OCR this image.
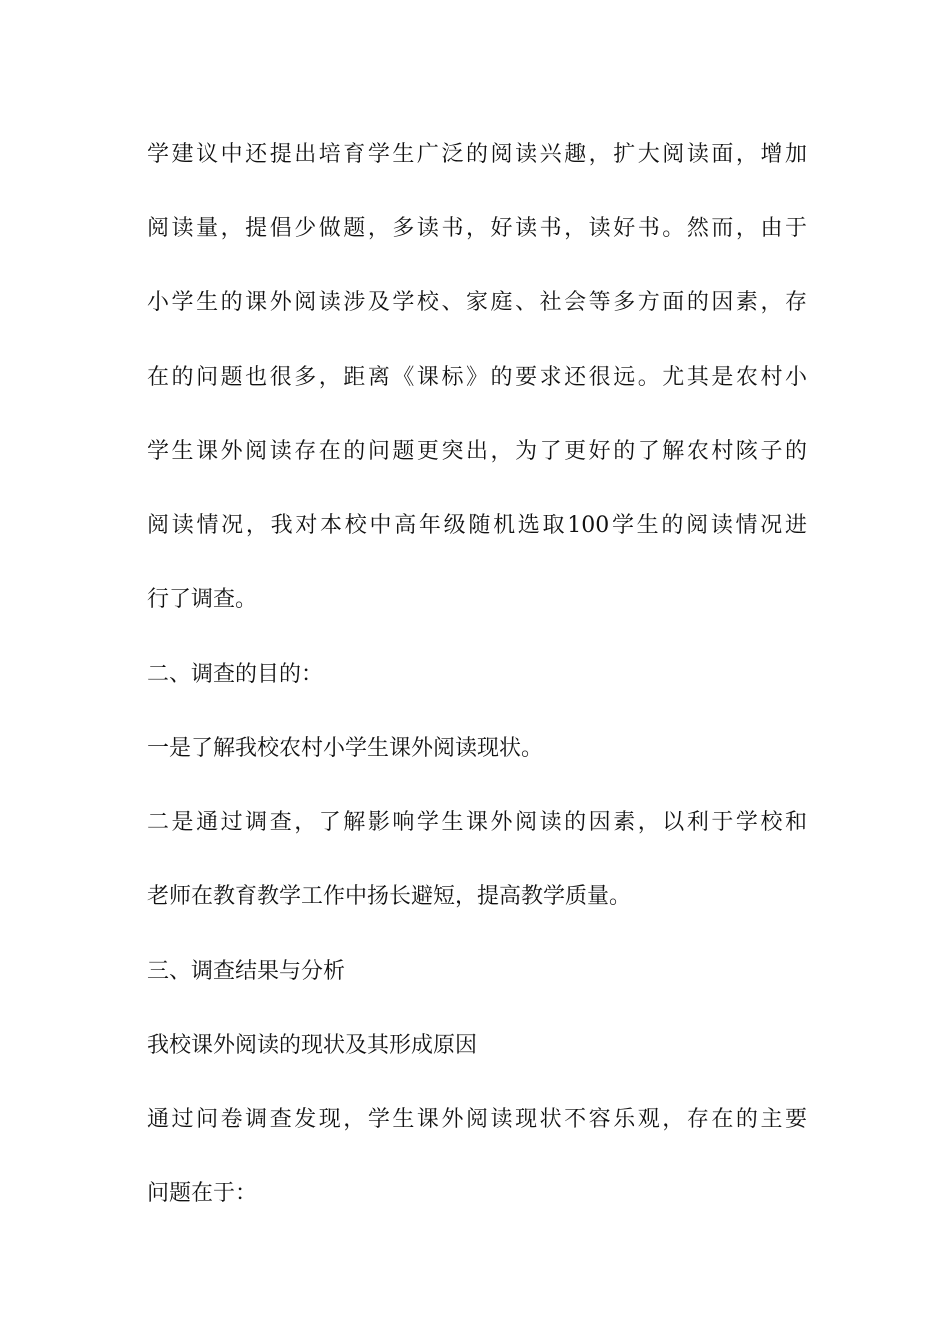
学建议中还提出培育学生广泛的阅读兴趣，扩大阅读面，增加

阅读量，提倡少做题，多读书，好读书，读好书。然而，由于

小学生的课外阅读涉及学校、家庭、社会等多方面的因素，存

在的问题也很多，距离《课标》的要求还很远。尤其是农村小

学生课外阅读存在的问题更突出，为了更好的了解农村陔子的

阅读情况，我对本校中高年级随机选取100学生的阅读情况进

行了调查。

二、调查的目的：

一是了解我校农村小学生课外阅读现状。

二是通过调查，了解影响学生课外阅读的因素，以利于学校和

老师在教育教学工作中扬长避短，提高教学质量。

三、调查结果与分析

我校课外阅读的现状及其形成原因

通过问卷调查发现，学生课外阅读现状不容乐观，存在的主要

问题在于：
